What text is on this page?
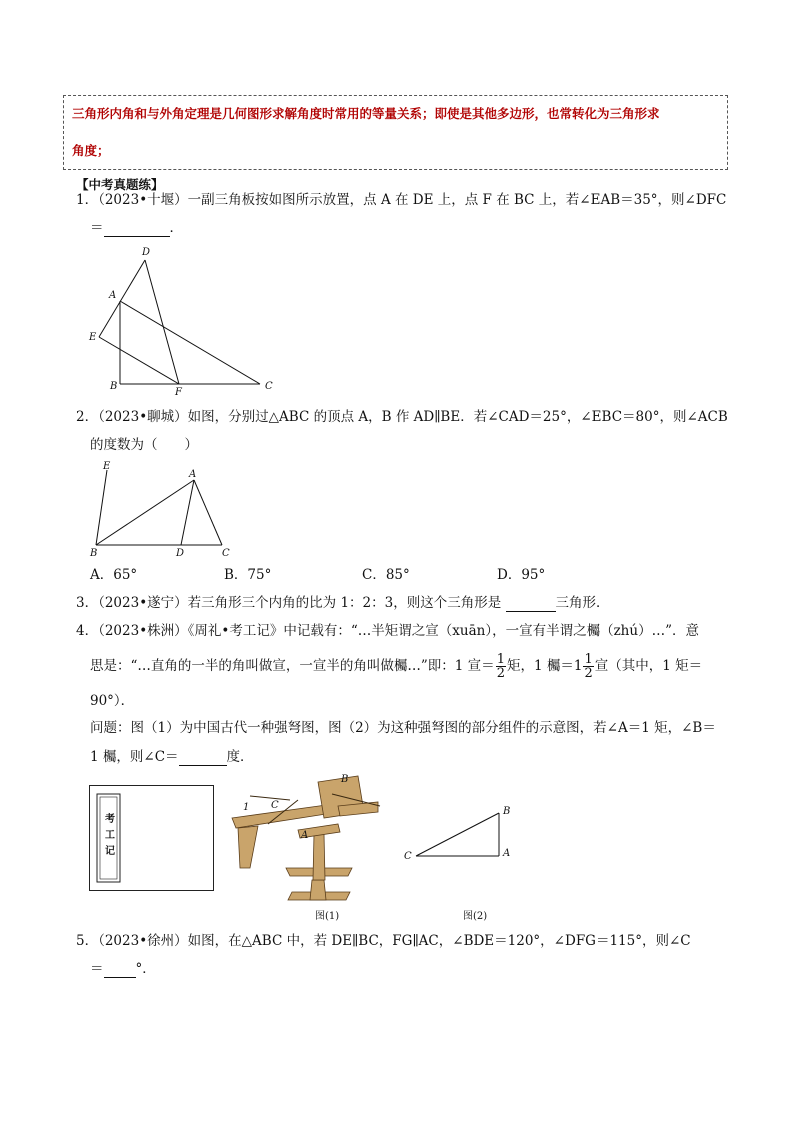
三角形内角和与外角定理是几何图形求解角度时常用的等量关系；即使是其他多边形，也常转化为三角形求
角度；
【中考真题练】
1．（2023•十堰）一副三角板按如图所示放置，点 A 在 DE 上，点 F 在 BC 上，若∠EAB＝35°，则∠DFC
＝	．
D
A
E
B
F
C
2．（2023•聊城）如图，分别过△ABC 的顶点 A，B 作 AD∥BE．若∠CAD＝25°，∠EBC＝80°，则∠ACB
的度数为（　　）
E
A
B	D	C
A．65°	B．75°	C．85°	D．95°
3．（2023•遂宁）若三角形三个内角的比为 1：2：3，则这个三角形是	三角形．
4．（2023•株洲）《周礼•考工记》中记载有：“…半矩谓之宣（xuān），一宣有半谓之欘（zhú）…”．意
思是：“…直角的一半的角叫做宣，一宣半的角叫做欘…”即：1 宣＝ $\frac{1}{2}$ 矩，1 欘$=1 \frac{1}{2}$ 宣（其中，1 矩＝
90°）．
问题：图（1）为中国古代一种强弩图，图（2）为这种强弩图的部分组件的示意图，若∠A＝1 矩，∠B＝
1 欘，则∠C＝	度．
考
工
记
B
1 C
A
B
A
C
图(1)	图(2)
5．（2023•徐州）如图，在△ABC 中，若 DE∥BC，FG∥AC，∠BDE＝120°，∠DFG＝115°，则∠C
＝ °．
